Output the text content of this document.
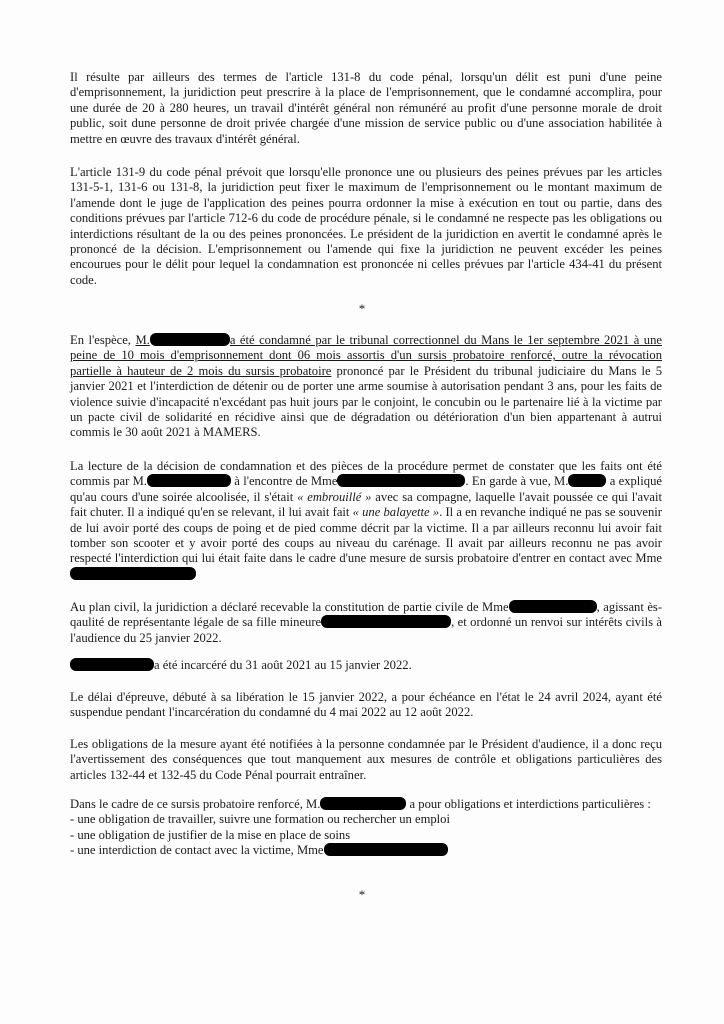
Il résulte par ailleurs des termes de l'article 131-8 du code pénal, lorsqu'un délit est puni d'une peine d'emprisonnement, la juridiction peut prescrire à la place de l'emprisonnement, que le condamné accomplira, pour une durée de 20 à 280 heures, un travail d'intérêt général non rémunéré au profit d'une personne morale de droit public, soit dune personne de droit privée chargée d'une mission de service public ou d'une association habilitée à mettre en œuvre des travaux d'intérêt général.

L'article 131-9 du code pénal prévoit que lorsqu'elle prononce une ou plusieurs des peines prévues par les articles 131-5-1, 131-6 ou 131-8, la juridiction peut fixer le maximum de l'emprisonnement ou le montant maximum de l'amende dont le juge de l'application des peines pourra ordonner la mise à exécution en tout ou partie, dans des conditions prévues par l'article 712-6 du code de procédure pénale, si le condamné ne respecte pas les obligations ou interdictions résultant de la ou des peines prononcées. Le président de la juridiction en avertit le condamné après le prononcé de la décision. L'emprisonnement ou l'amende qui fixe la juridiction ne peuvent excéder les peines encourues pour le délit pour lequel la condamnation est prononcée ni celles prévues par l'article 434-41 du présent code.

*

En l'espèce, M.	a été condamné par le tribunal correctionnel du Mans le 1er septembre 2021 à une peine de 10 mois d'emprisonnement dont 06 mois assortis d'un sursis probatoire renforcé, outre la révocation partielle à hauteur de 2 mois du sursis probatoire prononcé par le Président du tribunal judiciaire du Mans le 5 janvier 2021 et l'interdiction de détenir ou de porter une arme soumise à autorisation pendant 3 ans, pour les faits de violence suivie d'incapacité n'excédant pas huit jours par le conjoint, le concubin ou le partenaire lié à la victime par un pacte civil de solidarité en récidive ainsi que de dégradation ou détérioration d'un bien appartenant à autrui commis le 30 août 2021 à MAMERS.

La lecture de la décision de condamnation et des pièces de la procédure permet de constater que les faits ont été commis par M.	à l'encontre de Mme	. En garde à vue, M.	a expliqué qu'au cours d'une soirée alcoolisée, il s'était « embrouillé » avec sa compagne, laquelle l'avait poussée ce qui l'avait fait chuter. Il a indiqué qu'en se relevant, il lui avait fait « une balayette ». Il a en revanche indiqué ne pas se souvenir de lui avoir porté des coups de poing et de pied comme décrit par la victime. Il a par ailleurs reconnu lui avoir fait tomber son scooter et y avoir porté des coups au niveau du carénage. Il avait par ailleurs reconnu ne pas avoir respecté l'interdiction qui lui était faite dans le cadre d'une mesure de sursis probatoire d'entrer en contact avec Mme

Au plan civil, la juridiction a déclaré recevable la constitution de partie civile de Mme	, agissant ès-qaulité de représentante légale de sa fille mineure	, et ordonné un renvoi sur intérêts civils à l'audience du 25 janvier 2022.

a été incarcéré du 31 août 2021 au 15 janvier 2022.

Le délai d'épreuve, débuté à sa libération le 15 janvier 2022, a pour échéance en l'état le 24 avril 2024, ayant été suspendue pendant l'incarcération du condamné du 4 mai 2022 au 12 août 2022.

Les obligations de la mesure ayant été notifiées à la personne condamnée par le Président d'audience, il a donc reçu l'avertissement des conséquences que tout manquement aux mesures de contrôle et obligations particulières des articles 132-44 et 132-45 du Code Pénal pourrait entraîner.

Dans le cadre de ce sursis probatoire renforcé, M.	a pour obligations et interdictions particulières :
- une obligation de travailler, suivre une formation ou rechercher un emploi
- une obligation de justifier de la mise en place de soins
- une interdiction de contact avec la victime, Mme

*
